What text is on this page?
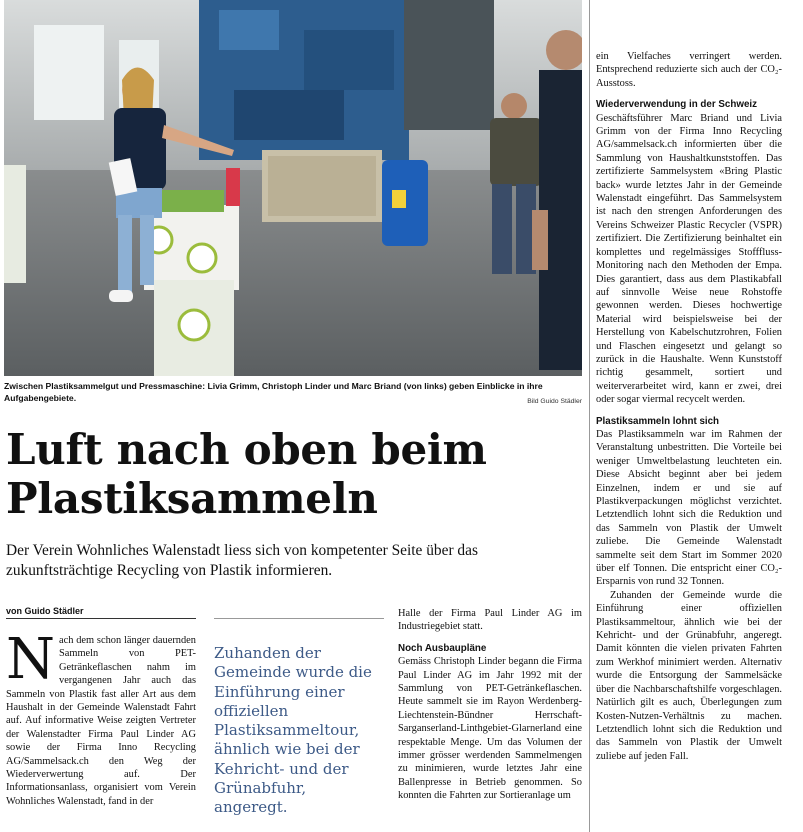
Zwischen Plastiksammelgut und Pressmaschine: Livia Grimm, Christoph Linder und Marc Briand (von links) geben Einblicke in ihre Aufgabengebiete.	Bild Guido Städler
Luft nach oben beim Plastiksammeln
Der Verein Wohnliches Walenstadt liess sich von kompetenter Seite über das zukunftsträchtige Recycling von Plastik informieren.
von Guido Städler
N ach dem schon länger dauernden Sammeln von PET-Getränkeflaschen nahm im vergangenen Jahr auch das Sammeln von Plastik fast aller Art aus dem Haushalt in der Gemeinde Walenstadt Fahrt auf. Auf informative Weise zeigten Vertreter der Walenstadter Firma Paul Linder AG sowie der Firma Inno Recycling AG/Sammelsack.ch den Weg der Wiederverwertung auf. Der Informationsanlass, organisiert vom Verein Wohnliches Walenstadt, fand in der
Zuhanden der Gemeinde wurde die Einführung einer offiziellen Plastiksammeltour, ähnlich wie bei der Kehricht- und der Grünabfuhr, angeregt.

Halle der Firma Paul Linder AG im Industriegebiet statt.

Noch Ausbaupläne

Gemäss Christoph Linder begann die Firma Paul Linder AG im Jahr 1992 mit der Sammlung von PET-Getränkeflaschen. Heute sammelt sie im Rayon Werdenberg-Liechtenstein-Bündner Herrschaft-Sarganserland-Linthgebiet-Glarnerland eine respektable Menge. Um das Volumen der immer grösser werdenden Sammelmengen zu minimieren, wurde letztes Jahr eine Ballenpresse in Betrieb genommen. So konnten die Fahrten zur Sortieranlage um

ein Vielfaches verringert werden. Entsprechend reduzierte sich auch der CO₂-Ausstoss.

Wiederverwendung in der Schweiz

Geschäftsführer Marc Briand und Livia Grimm von der Firma Inno Recycling AG/sammelsack.ch informierten über die Sammlung von Haushaltkunststoffen. Das zertifizierte Sammelsystem «Bring Plastic back» wurde letztes Jahr in der Gemeinde Walenstadt eingeführt. Das Sammelsystem ist nach den strengen Anforderungen des Vereins Schweizer Plastic Recycler (VSPR) zertifiziert. Die Zertifizierung beinhaltet ein komplettes und regelmässiges Stofffluss-Monitoring nach den Methoden der Empa. Dies garantiert, dass aus dem Plastikabfall auf sinnvolle Weise neue Rohstoffe gewonnen werden. Dieses hochwertige Material wird beispielsweise bei der Herstellung von Kabelschutzrohren, Folien und Flaschen eingesetzt und gelangt so zurück in die Haushalte. Wenn Kunststoff richtig gesammelt, sortiert und weiterverarbeitet wird, kann er zwei, drei oder sogar viermal recycelt werden.

Plastiksammeln lohnt sich

Das Plastiksammeln war im Rahmen der Veranstaltung unbestritten. Die Vorteile bei weniger Umweltbelastung leuchteten ein. Diese Absicht beginnt aber bei jedem Einzelnen, indem er und sie auf Plastikverpackungen möglichst verzichtet. Letztendlich lohnt sich die Reduktion und das Sammeln von Plastik der Umwelt zuliebe. Die Gemeinde Walenstadt sammelte seit dem Start im Sommer 2020 über elf Tonnen. Die entspricht einer CO₂-Ersparnis von rund 32 Tonnen.

Zuhanden der Gemeinde wurde die Einführung einer offiziellen Plastiksammeltour, ähnlich wie bei der Kehricht- und der Grünabfuhr, angeregt. Damit könnten die vielen privaten Fahrten zum Werkhof minimiert werden. Alternativ wurde die Entsorgung der Sammelsäcke über die Nachbarschaftshilfe vorgeschlagen. Natürlich gilt es auch, Überlegungen zum Kosten-Nutzen-Verhältnis zu machen. Letztendlich lohnt sich die Reduktion und das Sammeln von Plastik der Umwelt zuliebe auf jeden Fall.
